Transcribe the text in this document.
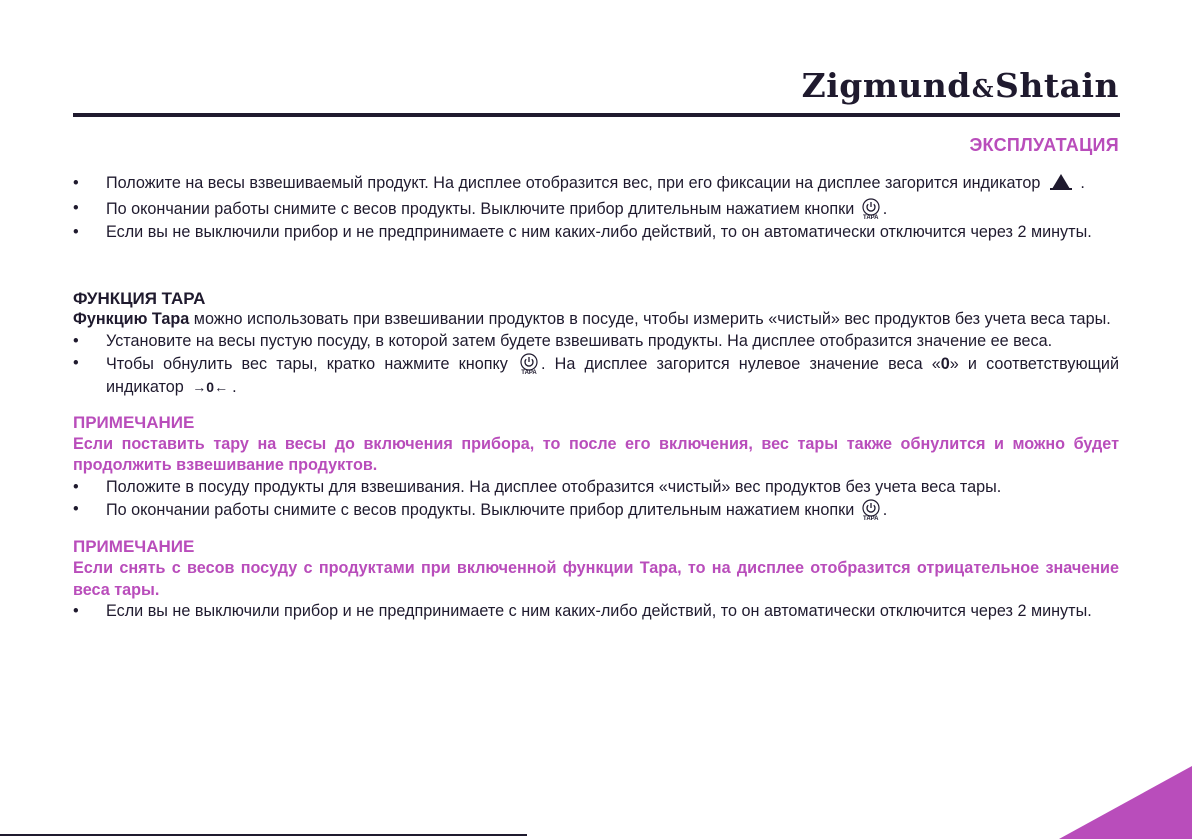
Zigmund&Shtain
ЭКСПЛУАТАЦИЯ
• Положите на весы взвешиваемый продукт. На дисплее отобразится вес, при его фиксации на дисплее загорится индикатор .
• По окончании работы снимите с весов продукты. Выключите прибор длительным нажатием кнопки	ТАРА .
• Если вы не выключили прибор и не предпринимаете с ним каких-либо действий, то он автоматически отключится через 2 минуты.
ФУНКЦИЯ ТАРА
Функцию Тара можно использовать при взвешивании продуктов в посуде, чтобы измерить «чистый» вес продуктов без учета веса тары.
• Установите на весы пустую посуду, в которой затем будете взвешивать продукты. На дисплее отобразится значение ее веса.
• Чтобы обнулить вес тары, кратко нажмите кнопку	ТАРА . На дисплее загорится нулевое значение веса «0» и соответствующий индикатор →0← .
ПРИМЕЧАНИЕ
Если поставить тару на весы до включения прибора, то после его включения, вес тары также обнулится и можно будет продолжить взвешивание продуктов.
• Положите в посуду продукты для взвешивания. На дисплее отобразится «чистый» вес продуктов без учета веса тары.
• По окончании работы снимите с весов продукты. Выключите прибор длительным нажатием кнопки	ТАРА .
ПРИМЕЧАНИЕ
Если снять с весов посуду с продуктами при включенной функции Тара, то на дисплее отобразится отрицательное значение веса тары.
• Если вы не выключили прибор и не предпринимаете с ним каких-либо действий, то он автоматически отключится через 2 минуты.
